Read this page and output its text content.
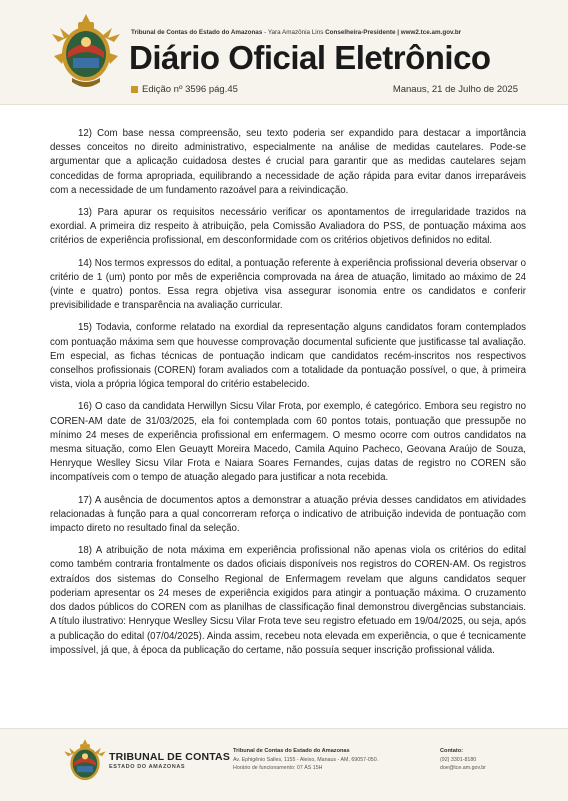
Tribunal de Contas do Estado do Amazonas - Yara Amazônia Lins Conselheira-Presidente | www2.tce.am.gov.br
Diário Oficial Eletrônico
Edição nº 3596 pág.45	Manaus, 21 de Julho de 2025

12) Com base nessa compreensão, seu texto poderia ser expandido para destacar a importância desses conceitos no direito administrativo, especialmente na análise de medidas cautelares. Pode-se argumentar que a aplicação cuidadosa destes é crucial para garantir que as medidas cautelares sejam concedidas de forma apropriada, equilibrando a necessidade de ação rápida para evitar danos irreparáveis com a necessidade de um fundamento razoável para a reivindicação.

13) Para apurar os requisitos necessário verificar os apontamentos de irregularidade trazidos na exordial. A primeira diz respeito à atribuição, pela Comissão Avaliadora do PSS, de pontuação máxima aos critérios de experiência profissional, em desconformidade com os critérios objetivos definidos no edital.

14) Nos termos expressos do edital, a pontuação referente à experiência profissional deveria observar o critério de 1 (um) ponto por mês de experiência comprovada na área de atuação, limitado ao máximo de 24 (vinte e quatro) pontos. Essa regra objetiva visa assegurar isonomia entre os candidatos e conferir previsibilidade e transparência na avaliação curricular.

15) Todavia, conforme relatado na exordial da representação alguns candidatos foram contemplados com pontuação máxima sem que houvesse comprovação documental suficiente que justificasse tal avaliação. Em especial, as fichas técnicas de pontuação indicam que candidatos recém-inscritos nos respectivos conselhos profissionais (COREN) foram avaliados com a totalidade da pontuação possível, o que, à primeira vista, viola a própria lógica temporal do critério estabelecido.

16) O caso da candidata Herwillyn Sicsu Vilar Frota, por exemplo, é categórico. Embora seu registro no COREN-AM date de 31/03/2025, ela foi contemplada com 60 pontos totais, pontuação que pressupõe no mínimo 24 meses de experiência profissional em enfermagem. O mesmo ocorre com outros candidatos na mesma situação, como Elen Geuaytt Moreira Macedo, Camila Aquino Pacheco, Geovana Araújo de Souza, Henryque Weslley Sicsu Vilar Frota e Naiara Soares Fernandes, cujas datas de registro no COREN são incompatíveis com o tempo de atuação alegado para justificar a nota recebida.

17) A ausência de documentos aptos a demonstrar a atuação prévia desses candidatos em atividades relacionadas à função para a qual concorreram reforça o indicativo de atribuição indevida de pontuação com impacto direto no resultado final da seleção.

18) A atribuição de nota máxima em experiência profissional não apenas viola os critérios do edital como também contraria frontalmente os dados oficiais disponíveis nos registros do COREN-AM. Os registros extraídos dos sistemas do Conselho Regional de Enfermagem revelam que alguns candidatos sequer poderiam apresentar os 24 meses de experiência exigidos para atingir a pontuação máxima. O cruzamento dos dados públicos do COREN com as planilhas de classificação final demonstrou divergências substanciais. A título ilustrativo: Henryque Weslley Sicsu Vilar Frota teve seu registro efetuado em 19/04/2025, ou seja, após a publicação do edital (07/04/2025). Ainda assim, recebeu nota elevada em experiência, o que é tecnicamente impossível, já que, à época da publicação do certame, não possuía sequer inscrição profissional válida.

TRIBUNAL DE CONTAS
ESTADO DO AMAZONAS
Tribunal de Contas do Estado do Amazonas
Av. Ephigênio Salles, 1155 - Aleixo, Manaus - AM, 69057-050.
Horário de funcionamento: 07 ÀS 15H
Contato:
(92) 3301-8180
doe@tce.am.gov.br
